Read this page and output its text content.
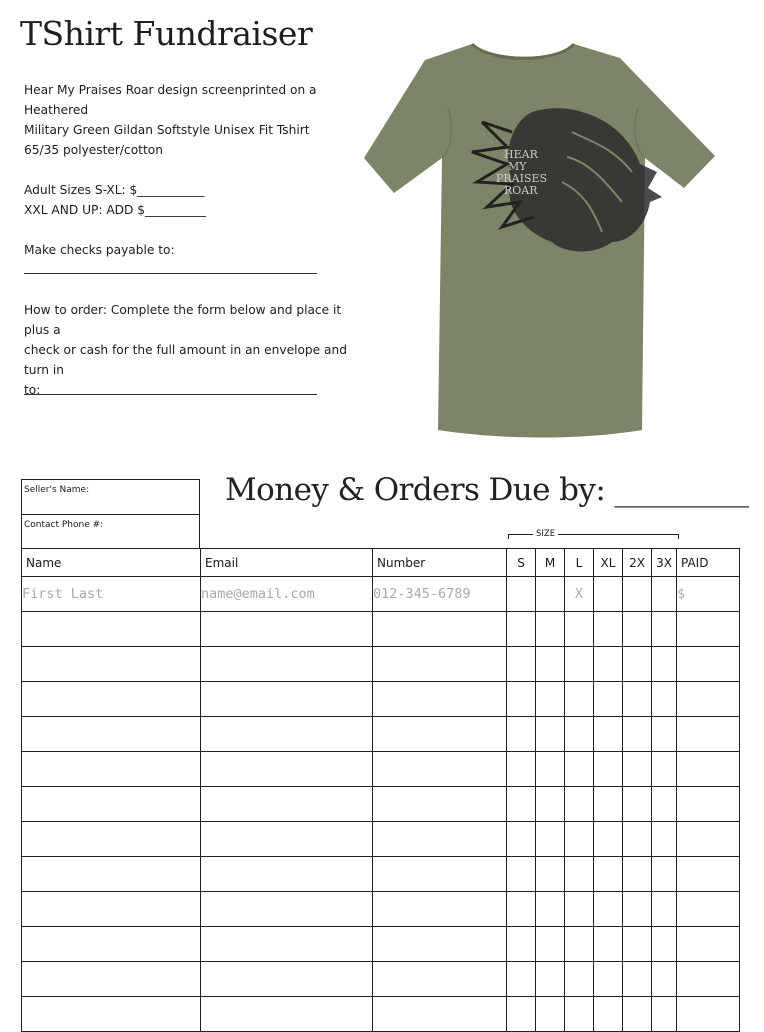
TShirt Fundraiser
Hear My Praises Roar design screenprinted on a Heathered
Military Green Gildan Softstyle Unisex Fit Tshirt
65/35 polyester/cotton
Adult Sizes S-XL: $___________
XXL AND UP: ADD $__________
Make checks payable to:
How to order: Complete the form below and place it plus a
check or cash for the full amount in an envelope and turn in
to:
HEAR
MY
PRAISES
ROAR
Seller's Name:
Contact Phone #:
Money & Orders Due by: _________
SIZE
Name	Email	Number	S	M	L	XL	2X	3X	PAID
First Last	name@email.com	012-345-6789			X				$
